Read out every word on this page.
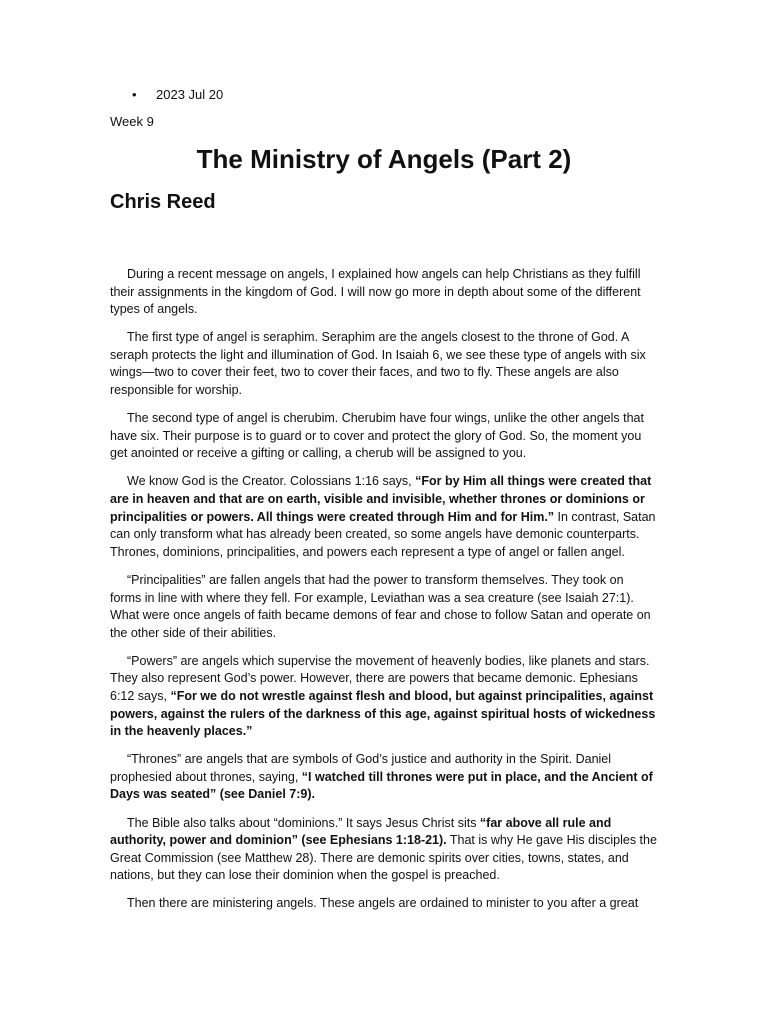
• 2023 Jul 20
Week 9
The Ministry of Angels (Part 2)
Chris Reed

During a recent message on angels, I explained how angels can help Christians as they fulfill their assignments in the kingdom of God. I will now go more in depth about some of the different types of angels.

The first type of angel is seraphim. Seraphim are the angels closest to the throne of God. A seraph protects the light and illumination of God. In Isaiah 6, we see these type of angels with six wings—two to cover their feet, two to cover their faces, and two to fly. These angels are also responsible for worship.

The second type of angel is cherubim. Cherubim have four wings, unlike the other angels that have six. Their purpose is to guard or to cover and protect the glory of God. So, the moment you get anointed or receive a gifting or calling, a cherub will be assigned to you.

We know God is the Creator. Colossians 1:16 says, “For by Him all things were created that are in heaven and that are on earth, visible and invisible, whether thrones or dominions or principalities or powers. All things were created through Him and for Him.” In contrast, Satan can only transform what has already been created, so some angels have demonic counterparts. Thrones, dominions, principalities, and powers each represent a type of angel or fallen angel.

“Principalities” are fallen angels that had the power to transform themselves. They took on forms in line with where they fell. For example, Leviathan was a sea creature (see Isaiah 27:1). What were once angels of faith became demons of fear and chose to follow Satan and operate on the other side of their abilities.

“Powers” are angels which supervise the movement of heavenly bodies, like planets and stars. They also represent God’s power. However, there are powers that became demonic. Ephesians 6:12 says, “For we do not wrestle against flesh and blood, but against principalities, against powers, against the rulers of the darkness of this age, against spiritual hosts of wickedness in the heavenly places.”

“Thrones” are angels that are symbols of God’s justice and authority in the Spirit. Daniel prophesied about thrones, saying, “I watched till thrones were put in place, and the Ancient of Days was seated” (see Daniel 7:9).

The Bible also talks about “dominions.” It says Jesus Christ sits “far above all rule and authority, power and dominion” (see Ephesians 1:18-21). That is why He gave His disciples the Great Commission (see Matthew 28). There are demonic spirits over cities, towns, states, and nations, but they can lose their dominion when the gospel is preached.

Then there are ministering angels. These angels are ordained to minister to you after a great
